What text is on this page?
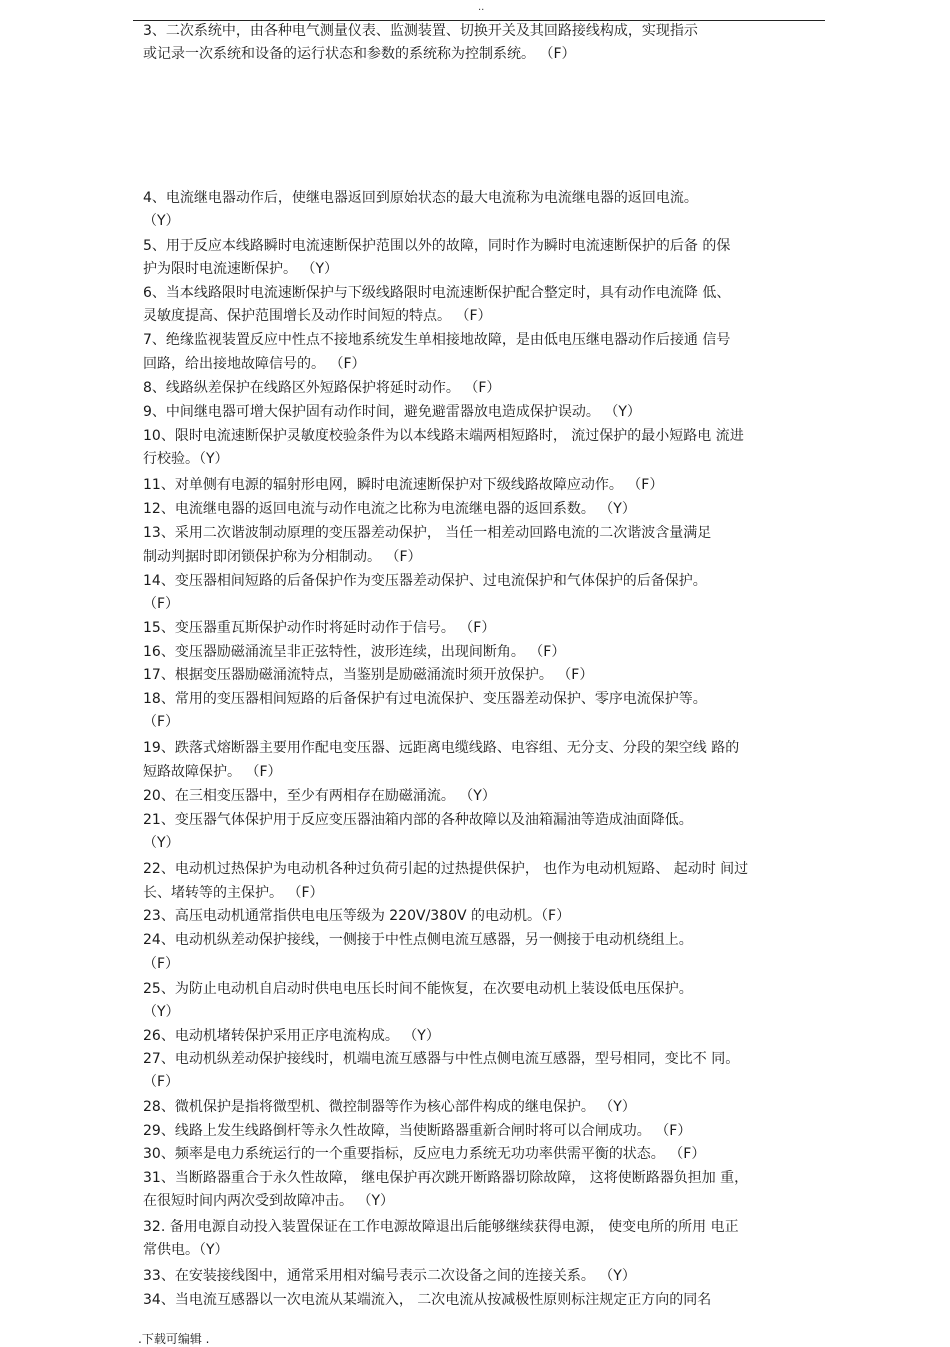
..
3、二次系统中，由各种电气测量仪表、监测装置、切换开关及其回路接线构成，实现指示
或记录一次系统和设备的运行状态和参数的系统称为控制系统。 （F）
4、电流继电器动作后，使继电器返回到原始状态的最大电流称为电流继电器的返回电流。
（Y）
5、用于反应本线路瞬时电流速断保护范围以外的故障，同时作为瞬时电流速断保护的后备 的保
护为限时电流速断保护。 （Y）
6、当本线路限时电流速断保护与下级线路限时电流速断保护配合整定时，具有动作电流降 低、
灵敏度提高、保护范围增长及动作时间短的特点。 （F）
7、绝缘监视装置反应中性点不接地系统发生单相接地故障，是由低电压继电器动作后接通 信号
回路，给出接地故障信号的。 （F）
8、线路纵差保护在线路区外短路保护将延时动作。 （F）
9、中间继电器可增大保护固有动作时间，避免避雷器放电造成保护误动。 （Y）
10、限时电流速断保护灵敏度校验条件为以本线路末端两相短路时， 流过保护的最小短路电 流进
行校验。（Y）
11、对单侧有电源的辐射形电网，瞬时电流速断保护对下级线路故障应动作。 （F）
12、电流继电器的返回电流与动作电流之比称为电流继电器的返回系数。 （Y）
13、采用二次谐波制动原理的变压器差动保护， 当任一相差动回路电流的二次谐波含量满足
制动判据时即闭锁保护称为分相制动。 （F）
14、变压器相间短路的后备保护作为变压器差动保护、过电流保护和气体保护的后备保护。
（F）
15、变压器重瓦斯保护动作时将延时动作于信号。 （F）
16、变压器励磁涌流呈非正弦特性，波形连续，出现间断角。 （F）
17、根据变压器励磁涌流特点，当鉴别是励磁涌流时须开放保护。 （F）
18、常用的变压器相间短路的后备保护有过电流保护、变压器差动保护、零序电流保护等。
（F）
19、跌落式熔断器主要用作配电变压器、远距离电缆线路、电容组、无分支、分段的架空线 路的
短路故障保护。 （F）
20、在三相变压器中，至少有两相存在励磁涌流。 （Y）
21、变压器气体保护用于反应变压器油箱内部的各种故障以及油箱漏油等造成油面降低。
（Y）
22、电动机过热保护为电动机各种过负荷引起的过热提供保护， 也作为电动机短路、 起动时 间过
长、堵转等的主保护。 （F）
23、高压电动机通常指供电电压等级为 220V/380V 的电动机。（F）
24、电动机纵差动保护接线，一侧接于中性点侧电流互感器，另一侧接于电动机绕组上。
（F）
25、为防止电动机自启动时供电电压长时间不能恢复，在次要电动机上装设低电压保护。
（Y）
26、电动机堵转保护采用正序电流构成。 （Y）
27、电动机纵差动保护接线时，机端电流互感器与中性点侧电流互感器，型号相同，变比不 同。
（F）
28、微机保护是指将微型机、微控制器等作为核心部件构成的继电保护。 （Y）
29、线路上发生线路倒杆等永久性故障，当使断路器重新合闸时将可以合闸成功。 （F）
30、频率是电力系统运行的一个重要指标，反应电力系统无功功率供需平衡的状态。 （F）
31、当断路器重合于永久性故障， 继电保护再次跳开断路器切除故障， 这将使断路器负担加 重，
在很短时间内两次受到故障冲击。 （Y）
32. 备用电源自动投入装置保证在工作电源故障退出后能够继续获得电源， 使变电所的所用 电正
常供电。（Y）
33、在安装接线图中，通常采用相对编号表示二次设备之间的连接关系。 （Y）
34、当电流互感器以一次电流从某端流入， 二次电流从按减极性原则标注规定正方向的同名
.下载可编辑 .
